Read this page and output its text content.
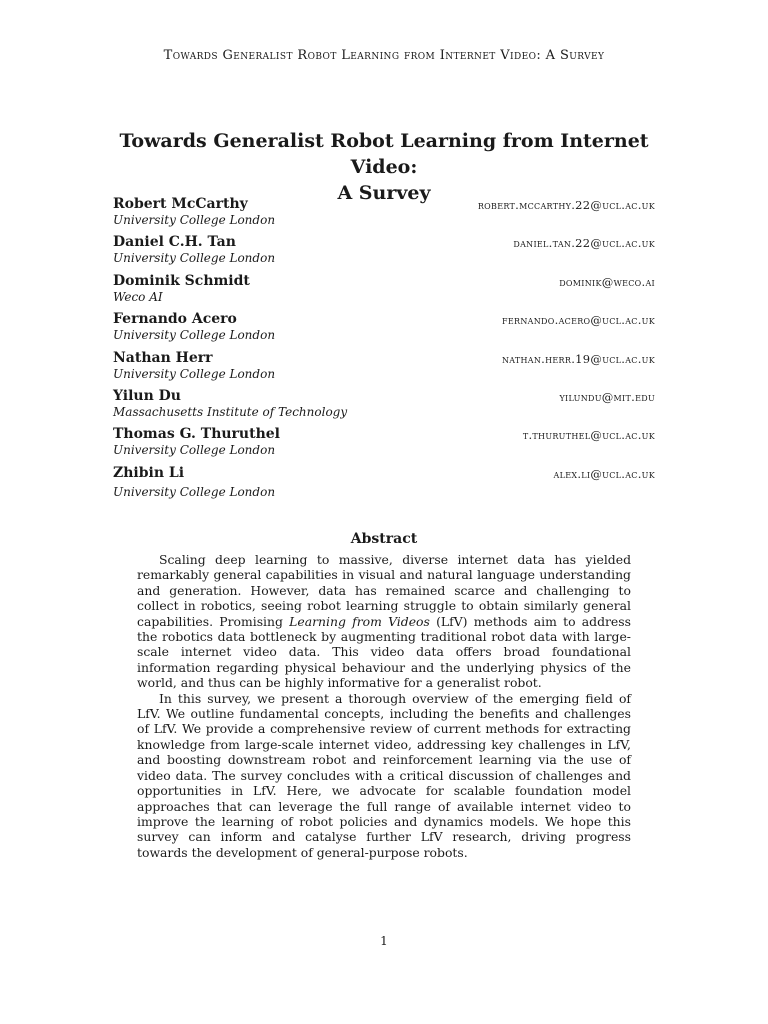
Towards Generalist Robot Learning from Internet Video: A Survey
Towards Generalist Robot Learning from Internet Video:
A Survey
Robert McCarthy
University College London
robert.mccarthy.22@ucl.ac.uk
Daniel C.H. Tan
University College London
daniel.tan.22@ucl.ac.uk
Dominik Schmidt
Weco AI
dominik@weco.ai
Fernando Acero
University College London
fernando.acero@ucl.ac.uk
Nathan Herr
University College London
nathan.herr.19@ucl.ac.uk
Yilun Du
Massachusetts Institute of Technology
yilundu@mit.edu
Thomas G. Thuruthel
University College London
t.thuruthel@ucl.ac.uk
Zhibin Li
University College London
alex.li@ucl.ac.uk
Abstract

Scaling deep learning to massive, diverse internet data has yielded remarkably general capabilities in visual and natural language understanding and generation. However, data has remained scarce and challenging to collect in robotics, seeing robot learning struggle to obtain similarly general capabilities. Promising Learning from Videos (LfV) methods aim to address the robotics data bottleneck by augmenting traditional robot data with large-scale internet video data. This video data offers broad foundational information regarding physical behaviour and the underlying physics of the world, and thus can be highly informative for a generalist robot.

In this survey, we present a thorough overview of the emerging field of LfV. We outline fundamental concepts, including the benefits and challenges of LfV. We provide a comprehensive review of current methods for extracting knowledge from large-scale internet video, addressing key challenges in LfV, and boosting downstream robot and reinforcement learning via the use of video data. The survey concludes with a critical discussion of challenges and opportunities in LfV. Here, we advocate for scalable foundation model approaches that can leverage the full range of available internet video to improve the learning of robot policies and dynamics models. We hope this survey can inform and catalyse further LfV research, driving progress towards the development of general-purpose robots.

1
